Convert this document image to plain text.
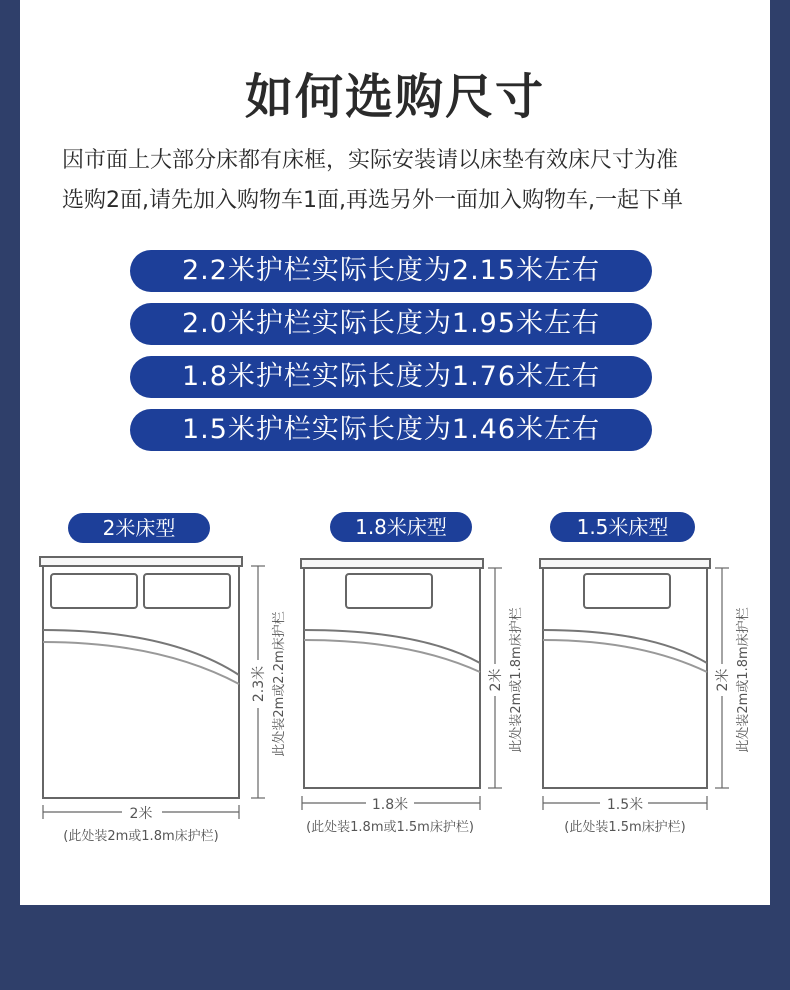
如何选购尺寸
因市面上大部分床都有床框，实际安装请以床垫有效床尺寸为准
选购2面,请先加入购物车1面,再选另外一面加入购物车,一起下单
2.2米护栏实际长度为2.15米左右
2.0米护栏实际长度为1.95米左右
1.8米护栏实际长度为1.76米左右
1.5米护栏实际长度为1.46米左右
2米床型	1.8米床型	1.5米床型
2米
(此处装2m或1.8m床护栏)
2.3米 此处装2m或2.2m床护栏
1.8米
(此处装1.8m或1.5m床护栏)
2米 此处装2m或1.8m床护栏
1.5米
(此处装1.5m床护栏)
2米 此处装2m或1.8m床护栏
